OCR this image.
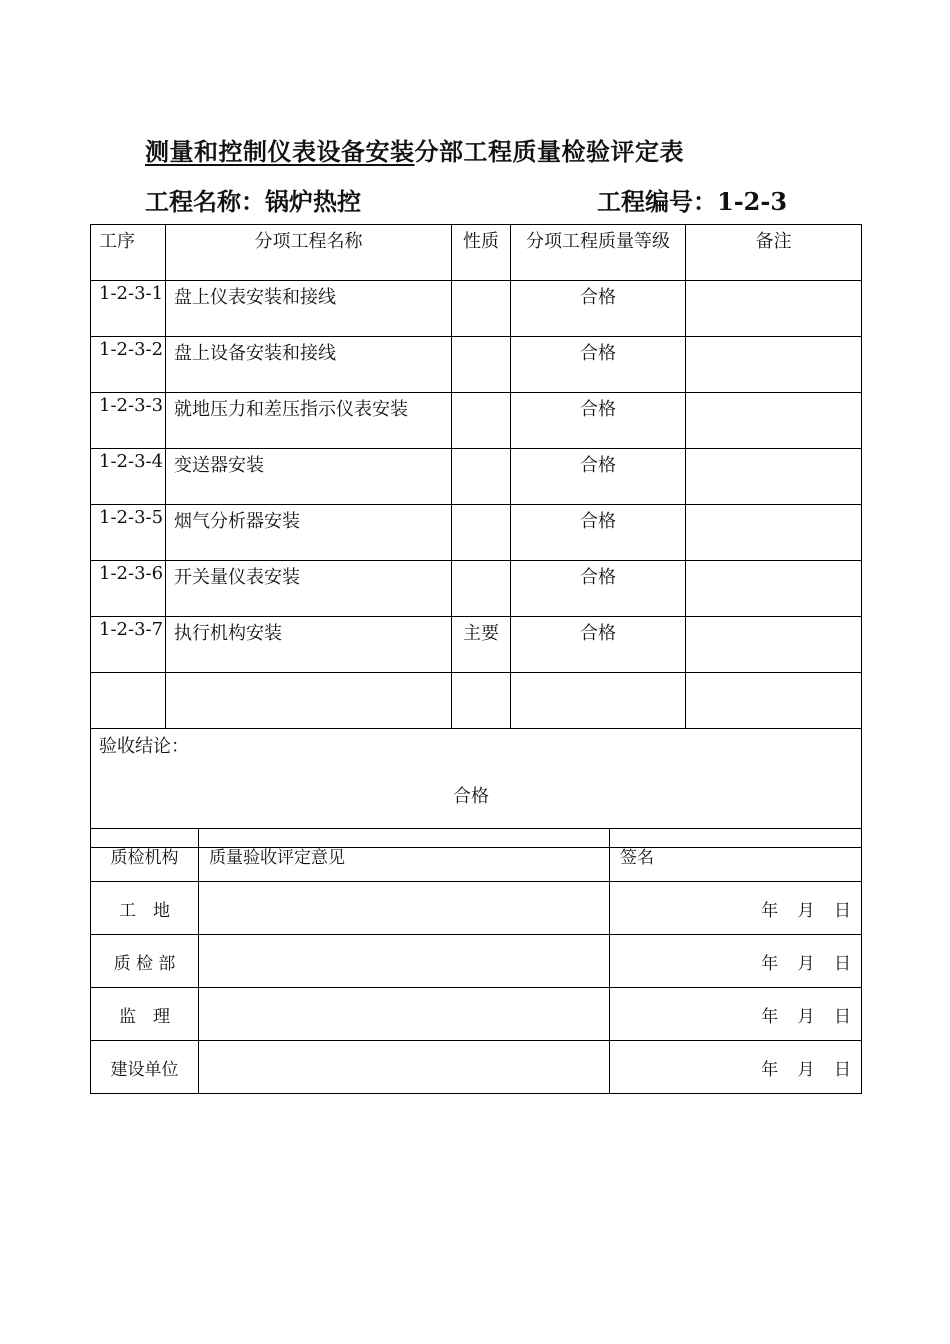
测量和控制仪表设备安装分部工程质量检验评定表
工程名称：锅炉热控	工程编号：1-2-3
工序	分项工程名称	性质	分项工程质量等级	备注
1-2-3-1	盘上仪表安装和接线		合格	
1-2-3-2	盘上设备安装和接线		合格	
1-2-3-3	就地压力和差压指示仪表安装		合格	
1-2-3-4	变送器安装		合格	
1-2-3-5	烟气分析器安装		合格	
1-2-3-6	开关量仪表安装		合格	
1-2-3-7	执行机构安装	主要	合格	

验收结论：
合格				
质检机构	质量验收评定意见	签名
工　地		年 月 日
质 检 部		年 月 日
监　理		年 月 日
建设单位		年 月 日
